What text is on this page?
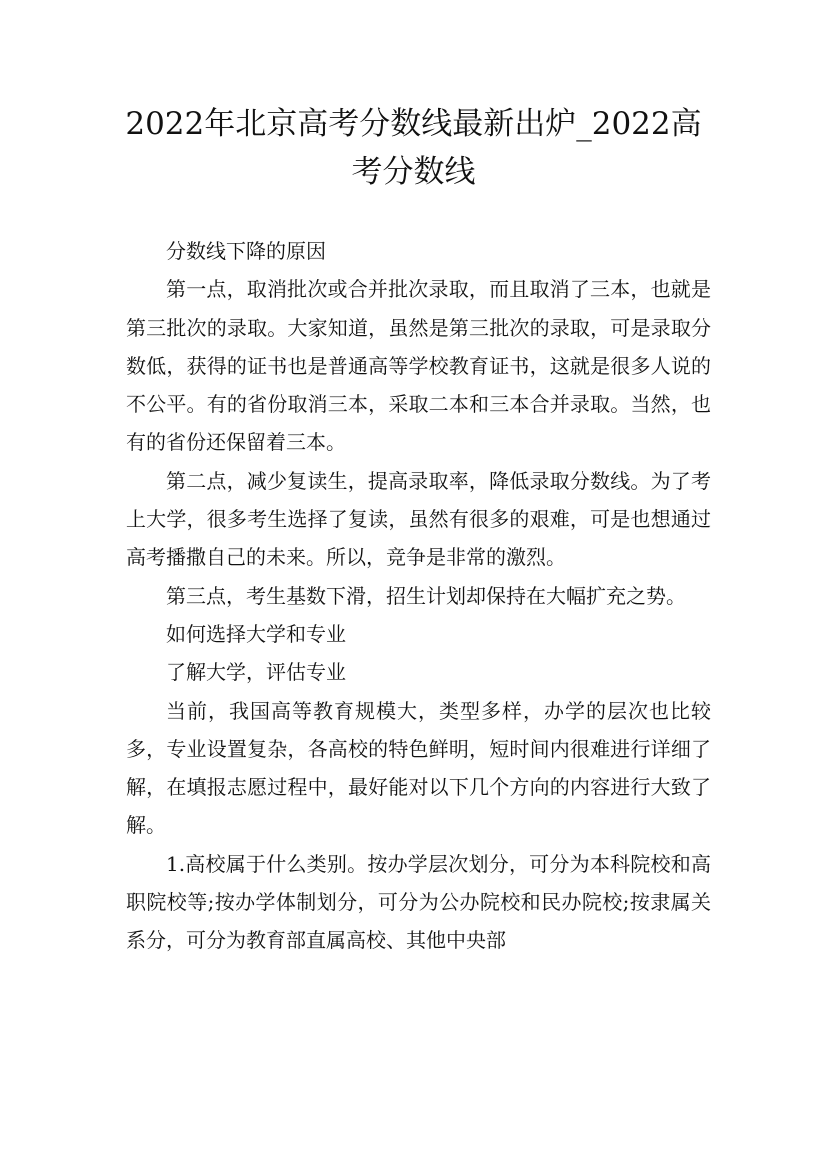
2022年北京高考分数线最新出炉_2022高考分数线

分数线下降的原因

第一点，取消批次或合并批次录取，而且取消了三本，也就是第三批次的录取。大家知道，虽然是第三批次的录取，可是录取分数低，获得的证书也是普通高等学校教育证书，这就是很多人说的不公平。有的省份取消三本，采取二本和三本合并录取。当然，也有的省份还保留着三本。

第二点，减少复读生，提高录取率，降低录取分数线。为了考上大学，很多考生选择了复读，虽然有很多的艰难，可是也想通过高考播撒自己的未来。所以，竞争是非常的激烈。

第三点，考生基数下滑，招生计划却保持在大幅扩充之势。

如何选择大学和专业

了解大学，评估专业

当前，我国高等教育规模大，类型多样，办学的层次也比较多，专业设置复杂，各高校的特色鲜明，短时间内很难进行详细了解，在填报志愿过程中，最好能对以下几个方向的内容进行大致了解。

1.高校属于什么类别。按办学层次划分，可分为本科院校和高职院校等;按办学体制划分，可分为公办院校和民办院校;按隶属关系分，可分为教育部直属高校、其他中央部
